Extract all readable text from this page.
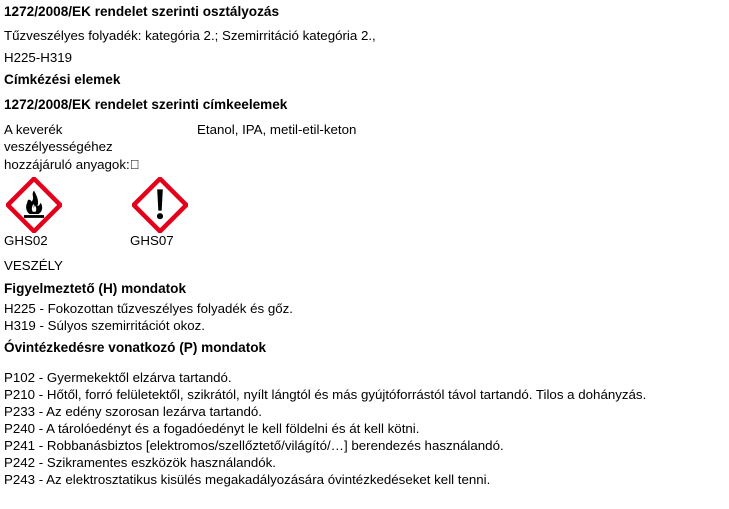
1272/2008/EK rendelet szerinti osztályozás
Tűzveszélyes folyadék: kategória 2.; Szemirritáció kategória 2.,
H225-H319
Címkézési elemek
1272/2008/EK rendelet szerinti címkeelemek
A keverék
veszélyességéhez
hozzájáruló anyagok: 
Etanol, IPA, metil-etil-keton
GHS02	GHS07
VESZÉLY
Figyelmeztető (H) mondatok
H225 - Fokozottan tűzveszélyes folyadék és gőz.
H319 - Súlyos szemirritációt okoz.
Óvintézkedésre vonatkozó (P) mondatok
P102 - Gyermekektől elzárva tartandó.
P210 - Hőtől, forró felületektől, szikrától, nyílt lángtól és más gyújtóforrástól távol tartandó. Tilos a dohányzás.
P233 - Az edény szorosan lezárva tartandó.
P240 - A tárolóedényt és a fogadóedényt le kell földelni és át kell kötni.
P241 - Robbanásbiztos [elektromos/szellőztető/világító/…] berendezés használandó.
P242 - Szikramentes eszközök használandók.
P243 - Az elektrosztatikus kisülés megakadályozására óvintézkedéseket kell tenni.
